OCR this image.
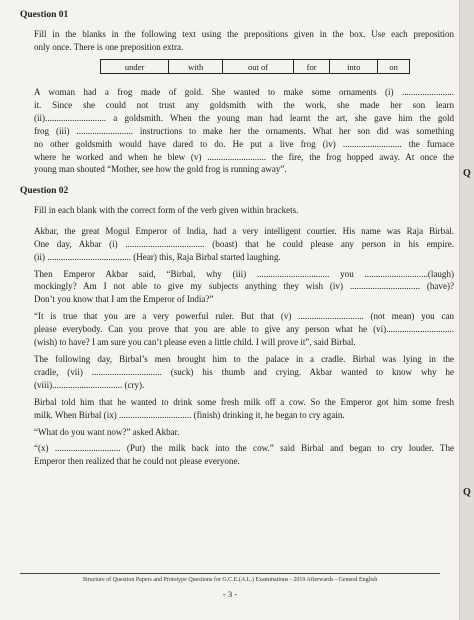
Question 01

Fill in the blanks in the following text using the prepositions given in the box. Use each preposition
only once. There is one preposition extra.
under	with	out of	for	into	on
A woman had a frog made of gold. She wanted to make some ornaments (i) .......................
it. Since she could not trust any goldsmith with the work, she made her son learn
(ii)........................... a goldsmith. When the young man had learnt the art, she gave him the gold
frog (iii) ......................... instructions to make her the ornaments. What her son did was something
no other goldsmith would have dared to do. He put a live frog (iv) .......................... the furnace
where he worked and when he blew (v) .......................... the fire, the frog hopped away. At once the
young man shouted “Mother, see how the gold frog is running away”.

Question 02

Fill in each blank with the correct form of the verb given within brackets.
Akbar, the great Mogul Emperor of India, had a very intelligent courtier. His name was Raja Birbal.
One day, Akbar (i) ................................... (boast) that he could please any person in his empire.
(ii) ..................................... (Hear) this, Raja Birbal started laughing.
Then Emperor Akbar said, “Birbal, why (iii) ................................ you ............................(laugh)
mockingly? Am I not able to give my subjects anything they wish (iv) ............................... (have)?
Don’t you know that I am the Emperor of India?”
“It is true that you are a very powerful ruler. But that (v) ............................. (not mean) you can
please everybody. Can you prove that you are able to give any person what he (vi)..............................
(wish) to have? I am sure you can’t please even a little child. I will prove it”, said Birbal.
The following day, Birbal’s men brought him to the palace in a cradle. Birbal was lying in the
cradle, (vii) ............................... (suck) his thumb and crying. Akbar wanted to know why he
(viii)............................... (cry).
Birbal told him that he wanted to drink some fresh milk off a cow. So the Emperor got him some fresh
milk. When Birbal (ix) ................................ (finish) drinking it, he began to cry again.
“What do you want now?” asked Akbar.
“(x) ............................. (Put) the milk back into the cow.” said Birbal and began to cry louder. The
Emperor then realized that he could not please everyone.
Structure of Question Papers and Prototype Questions for G.C.E.(A.L.) Examinations - 2019 Afterwards - General English
- 3 -
Q
Q
